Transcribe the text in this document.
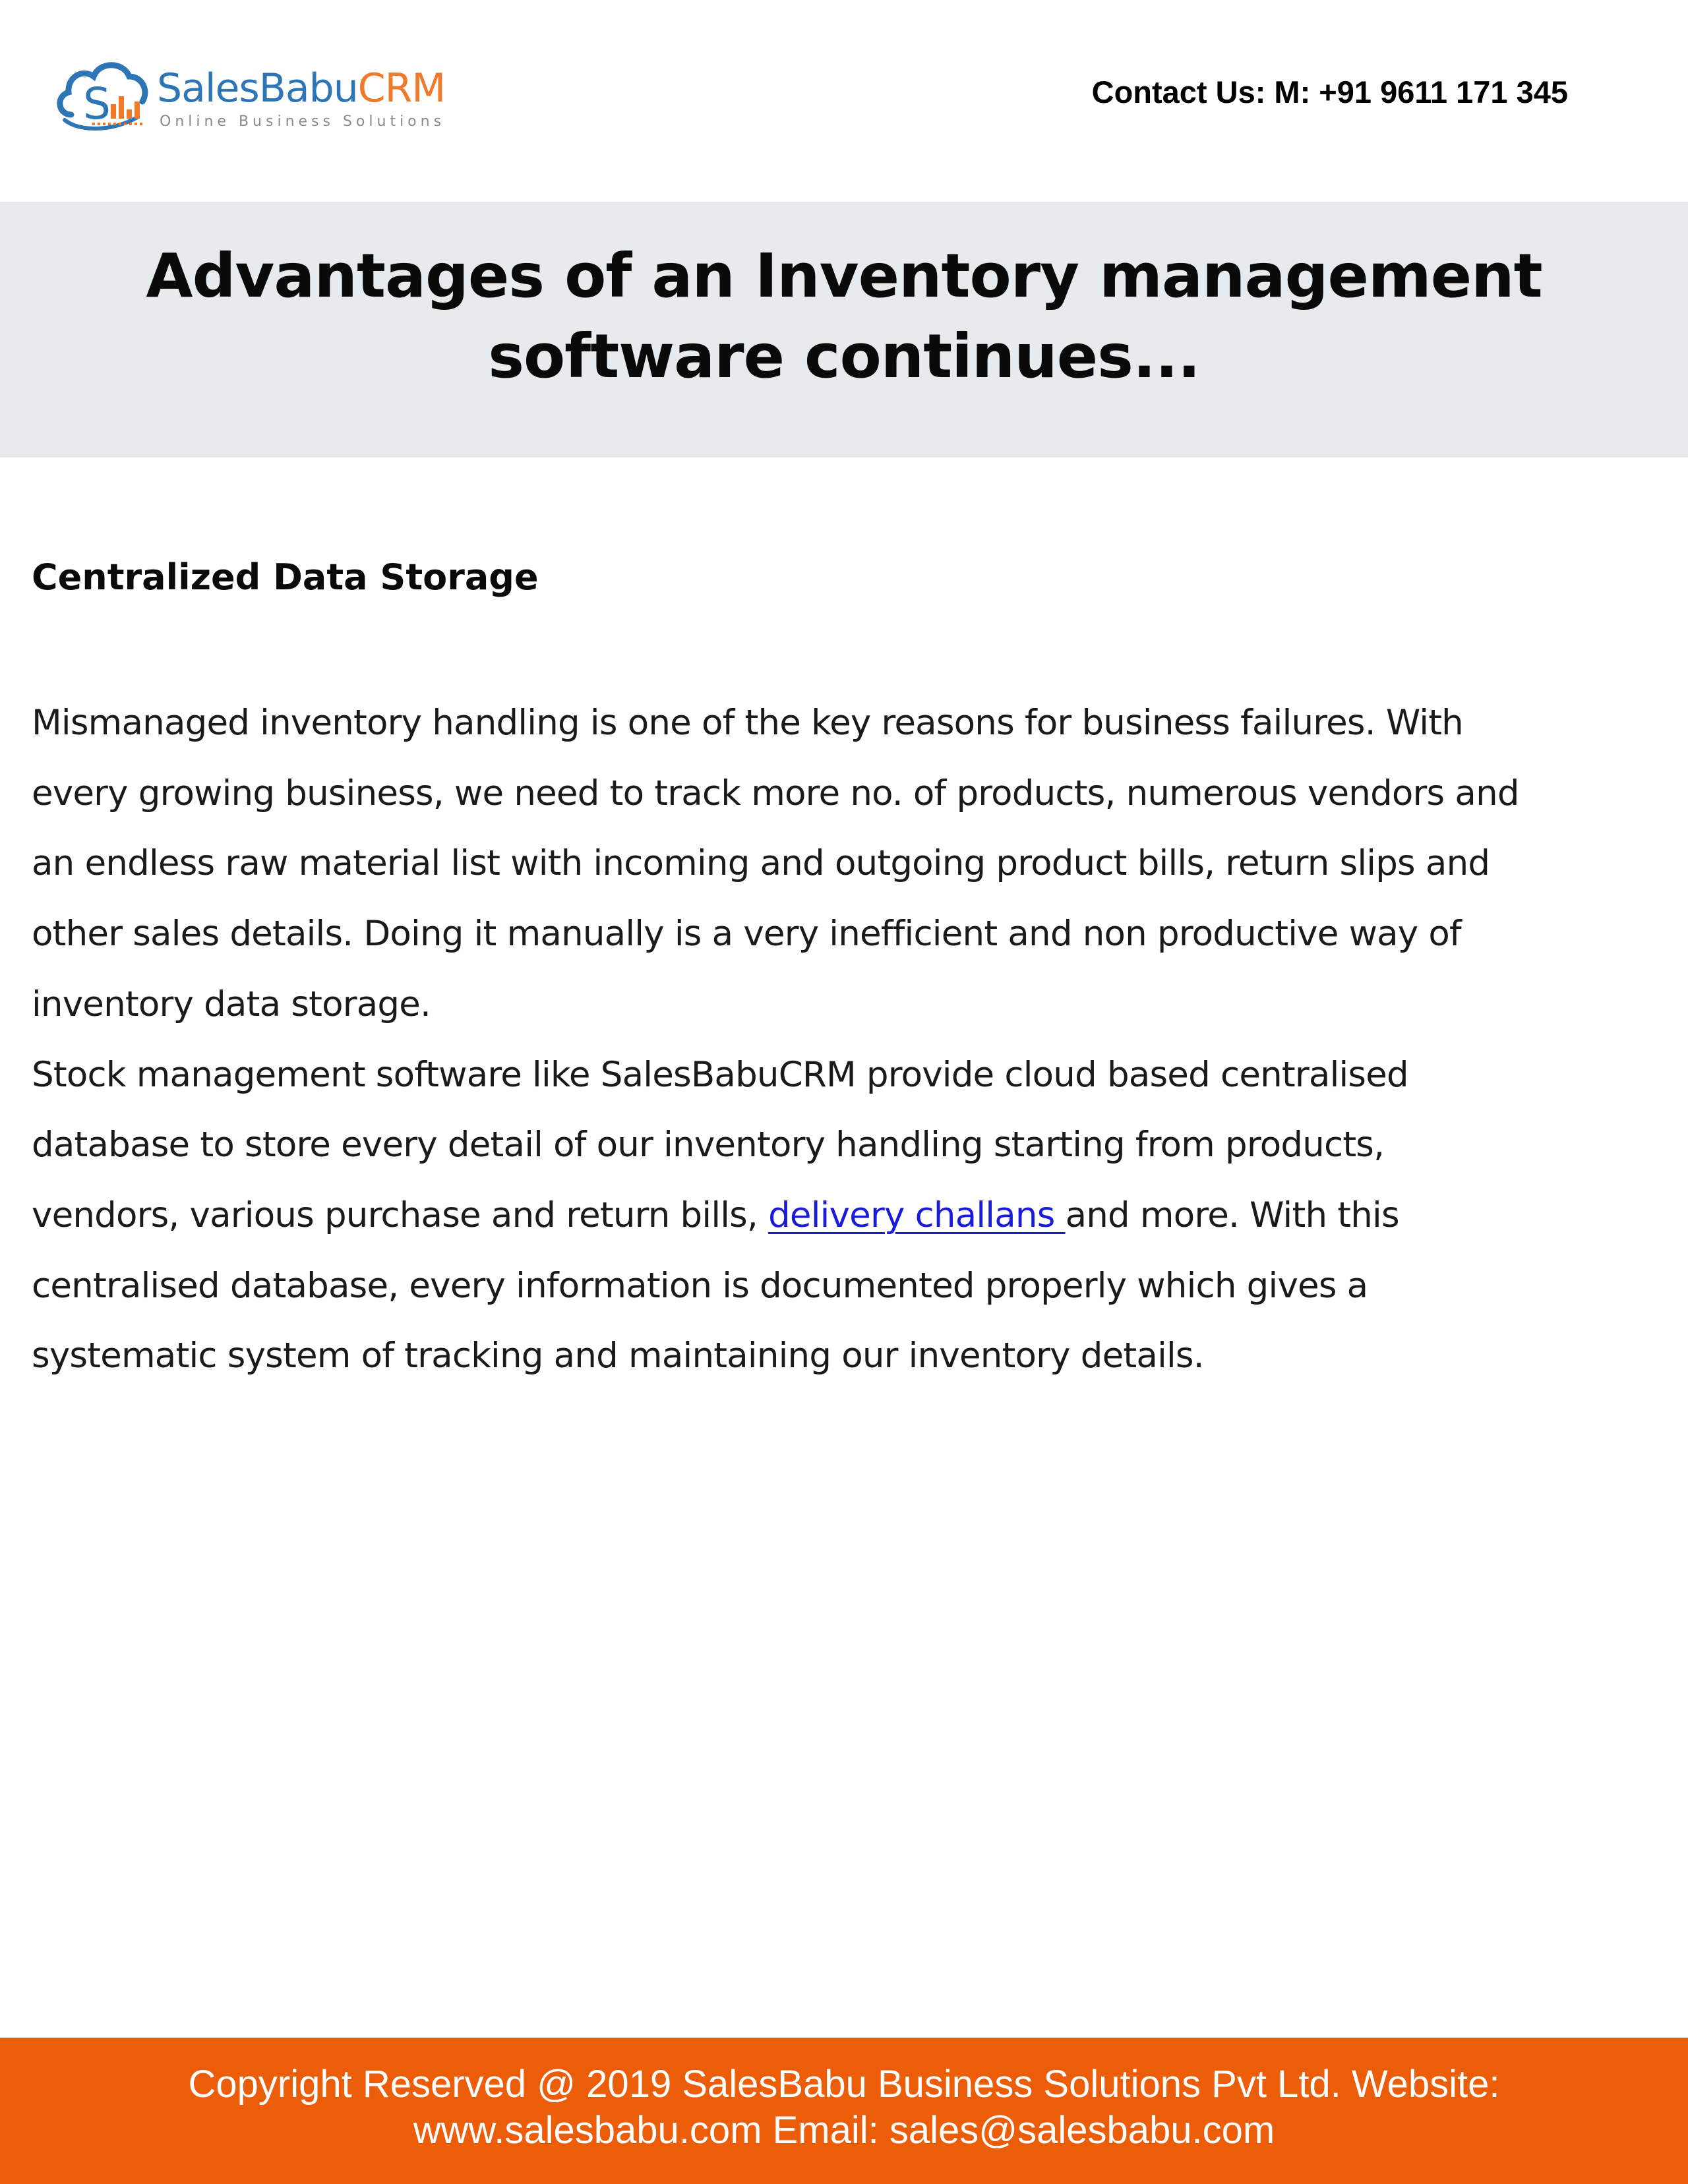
S SalesBabuCRM
Online Business Solutions
Contact Us: M: +91 9611 171 345
Advantages of an Inventory management
software continues...
Centralized Data Storage

Mismanaged inventory handling is one of the key reasons for business failures. With
every growing business, we need to track more no. of products, numerous vendors and
an endless raw material list with incoming and outgoing product bills, return slips and
other sales details. Doing it manually is a very inefficient and non productive way of
inventory data storage.

Stock management software like SalesBabuCRM provide cloud based centralised
database to store every detail of our inventory handling starting from products,
vendors, various purchase and return bills, delivery challans and more. With this
centralised database, every information is documented properly which gives a
systematic system of tracking and maintaining our inventory details.

Copyright Reserved @ 2019 SalesBabu Business Solutions Pvt Ltd. Website:
www.salesbabu.com Email: sales@salesbabu.com
